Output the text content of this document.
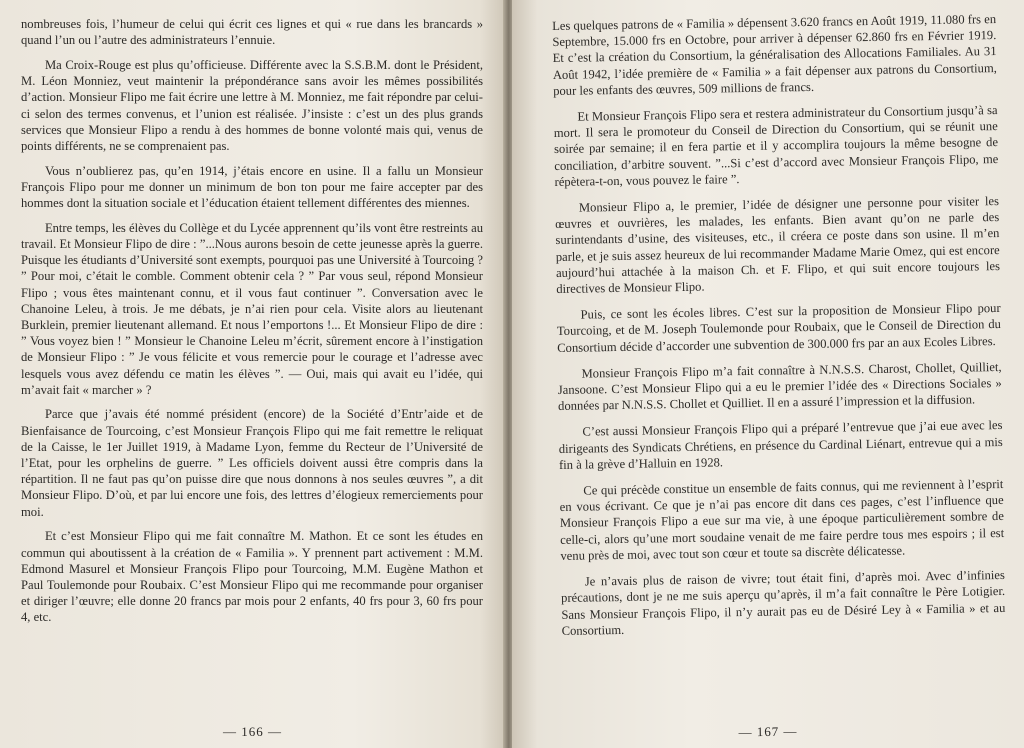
nombreuses fois, l’humeur de celui qui écrit ces lignes et qui « rue dans les brancards » quand l’un ou l’autre des administrateurs l’ennuie.

Ma Croix-Rouge est plus qu’officieuse. Différente avec la S.S.B.M. dont le Président, M. Léon Monniez, veut maintenir la prépondérance sans avoir les mêmes possibilités d’action. Monsieur Flipo me fait écrire une lettre à M. Monniez, me fait répondre par celui-ci selon des termes convenus, et l’union est réalisée. J’insiste : c’est un des plus grands services que Monsieur Flipo a rendu à des hommes de bonne volonté mais qui, venus de points différents, ne se comprenaient pas.

Vous n’oublierez pas, qu’en 1914, j’étais encore en usine. Il a fallu un Monsieur François Flipo pour me donner un minimum de bon ton pour me faire accepter par des hommes dont la situation sociale et l’éducation étaient tellement différentes des miennes.

Entre temps, les élèves du Collège et du Lycée apprennent qu’ils vont être restreints au travail. Et Monsieur Flipo de dire : ”...Nous aurons besoin de cette jeunesse après la guerre. Puisque les étudiants d’Université sont exempts, pourquoi pas une Université à Tourcoing ? ” Pour moi, c’était le comble. Comment obtenir cela ? ” Par vous seul, répond Monsieur Flipo ; vous êtes maintenant connu, et il vous faut continuer ”. Conversation avec le Chanoine Leleu, à trois. Je me débats, je n’ai rien pour cela. Visite alors au lieutenant Burklein, premier lieutenant allemand. Et nous l’emportons !... Et Monsieur Flipo de dire : ” Vous voyez bien ! ” Monsieur le Chanoine Leleu m’écrit, sûrement encore à l’instigation de Monsieur Flipo : ” Je vous félicite et vous remercie pour le courage et l’adresse avec lesquels vous avez défendu ce matin les élèves ”. — Oui, mais qui avait eu l’idée, qui m’avait fait « marcher » ?

Parce que j’avais été nommé président (encore) de la Société d’Entr’aide et de Bienfaisance de Tourcoing, c’est Monsieur François Flipo qui me fait remettre le reliquat de la Caisse, le 1er Juillet 1919, à Madame Lyon, femme du Recteur de l’Université de l’Etat, pour les orphelins de guerre. ” Les officiels doivent aussi être compris dans la répartition. Il ne faut pas qu’on puisse dire que nous donnons à nos seules œuvres ”, a dit Monsieur Flipo. D’où, et par lui encore une fois, des lettres d’élogieux remerciements pour moi.

Et c’est Monsieur Flipo qui me fait connaître M. Mathon. Et ce sont les études en commun qui aboutissent à la création de « Familia ». Y prennent part activement : M.M. Edmond Masurel et Monsieur François Flipo pour Tourcoing, M.M. Eugène Mathon et Paul Toulemonde pour Roubaix. C’est Monsieur Flipo qui me recommande pour organiser et diriger l’œuvre; elle donne 20 francs par mois pour 2 enfants, 40 frs pour 3, 60 frs pour 4, etc.

— 166 —

Les quelques patrons de « Familia » dépensent 3.620 francs en Août 1919, 11.080 frs en Septembre, 15.000 frs en Octobre, pour arriver à dépenser 62.860 frs en Février 1919. Et c’est la création du Consortium, la généralisation des Allocations Familiales. Au 31 Août 1942, l’idée première de « Familia » a fait dépenser aux patrons du Consortium, pour les enfants des œuvres, 509 millions de francs.

Et Monsieur François Flipo sera et restera administrateur du Consortium jusqu’à sa mort. Il sera le promoteur du Conseil de Direction du Consortium, qui se réunit une soirée par semaine; il en fera partie et il y accomplira toujours la même besogne de conciliation, d’arbitre souvent. ”...Si c’est d’accord avec Monsieur François Flipo, me répètera-t-on, vous pouvez le faire ”.

Monsieur Flipo a, le premier, l’idée de désigner une personne pour visiter les œuvres et ouvrières, les malades, les enfants. Bien avant qu’on ne parle des surintendants d’usine, des visiteuses, etc., il créera ce poste dans son usine. Il m’en parle, et je suis assez heureux de lui recommander Madame Marie Omez, qui est encore aujourd’hui attachée à la maison Ch. et F. Flipo, et qui suit encore toujours les directives de Monsieur Flipo.

Puis, ce sont les écoles libres. C’est sur la proposition de Monsieur Flipo pour Tourcoing, et de M. Joseph Toulemonde pour Roubaix, que le Conseil de Direction du Consortium décide d’accorder une subvention de 300.000 frs par an aux Ecoles Libres.

Monsieur François Flipo m’a fait connaître à N.N.S.S. Charost, Chollet, Quilliet, Jansoone. C’est Monsieur Flipo qui a eu le premier l’idée des « Directions Sociales » données par N.N.S.S. Chollet et Quilliet. Il en a assuré l’impression et la diffusion.

C’est aussi Monsieur François Flipo qui a préparé l’entrevue que j’ai eue avec les dirigeants des Syndicats Chrétiens, en présence du Cardinal Liénart, entrevue qui a mis fin à la grève d’Halluin en 1928.

Ce qui précède constitue un ensemble de faits connus, qui me reviennent à l’esprit en vous écrivant. Ce que je n’ai pas encore dit dans ces pages, c’est l’influence que Monsieur François Flipo a eue sur ma vie, à une époque particulièrement sombre de celle-ci, alors qu’une mort soudaine venait de me faire perdre tous mes espoirs ; il est venu près de moi, avec tout son cœur et toute sa discrète délicatesse.

Je n’avais plus de raison de vivre; tout était fini, d’après moi. Avec d’infinies précautions, dont je ne me suis aperçu qu’après, il m’a fait connaître le Père Lotigier. Sans Monsieur François Flipo, il n’y aurait pas eu de Désiré Ley à « Familia » et au Consortium.

— 167 —
